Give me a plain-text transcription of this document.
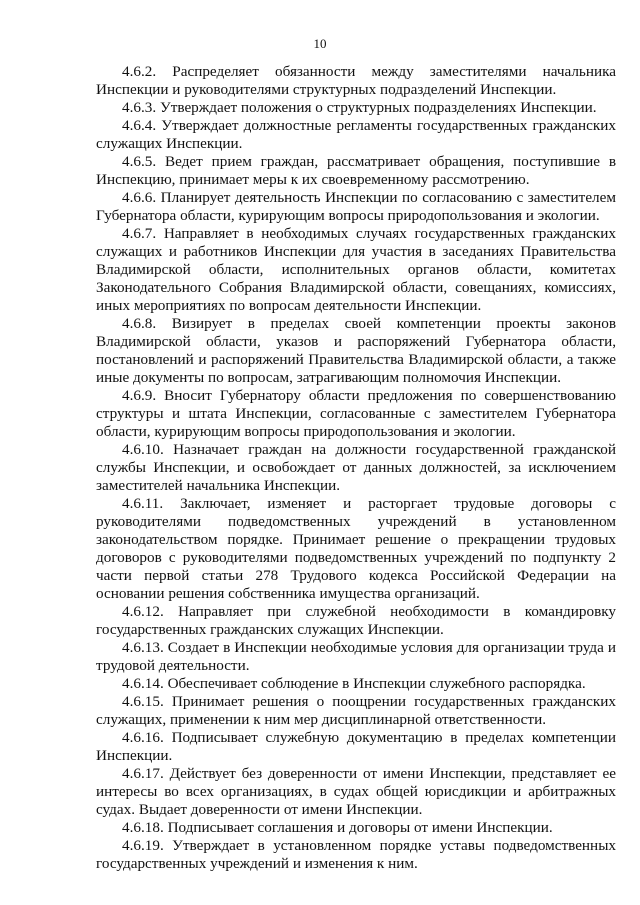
10

4.6.2. Распределяет обязанности между заместителями начальника Инспекции и руководителями структурных подразделений Инспекции.

4.6.3. Утверждает положения о структурных подразделениях Инспекции.

4.6.4. Утверждает должностные регламенты государственных гражданских служащих Инспекции.

4.6.5. Ведет прием граждан, рассматривает обращения, поступившие в Инспекцию, принимает меры к их своевременному рассмотрению.

4.6.6. Планирует деятельность Инспекции по согласованию с заместителем Губернатора области, курирующим вопросы природопользования и экологии.

4.6.7. Направляет в необходимых случаях государственных гражданских служащих и работников Инспекции для участия в заседаниях Правительства Владимирской области, исполнительных органов области, комитетах Законодательного Собрания Владимирской области, совещаниях, комиссиях, иных мероприятиях по вопросам деятельности Инспекции.

4.6.8. Визирует в пределах своей компетенции проекты законов Владимирской области, указов и распоряжений Губернатора области, постановлений и распоряжений Правительства Владимирской области, а также иные документы по вопросам, затрагивающим полномочия Инспекции.

4.6.9. Вносит Губернатору области предложения по совершенствованию структуры и штата Инспекции, согласованные с заместителем Губернатора области, курирующим вопросы природопользования и экологии.

4.6.10. Назначает граждан на должности государственной гражданской службы Инспекции, и освобождает от данных должностей, за исключением заместителей начальника Инспекции.

4.6.11. Заключает, изменяет и расторгает трудовые договоры с руководителями подведомственных учреждений в установленном законодательством порядке. Принимает решение о прекращении трудовых договоров с руководителями подведомственных учреждений по подпункту 2 части первой статьи 278 Трудового кодекса Российской Федерации на основании решения собственника имущества организаций.

4.6.12. Направляет при служебной необходимости в командировку государственных гражданских служащих Инспекции.

4.6.13. Создает в Инспекции необходимые условия для организации труда и трудовой деятельности.

4.6.14. Обеспечивает соблюдение в Инспекции служебного распорядка.

4.6.15. Принимает решения о поощрении государственных гражданских служащих, применении к ним мер дисциплинарной ответственности.

4.6.16. Подписывает служебную документацию в пределах компетенции Инспекции.

4.6.17. Действует без доверенности от имени Инспекции, представляет ее интересы во всех организациях, в судах общей юрисдикции и арбитражных судах. Выдает доверенности от имени Инспекции.

4.6.18. Подписывает соглашения и договоры от имени Инспекции.

4.6.19. Утверждает в установленном порядке уставы подведомственных государственных учреждений и изменения к ним.
